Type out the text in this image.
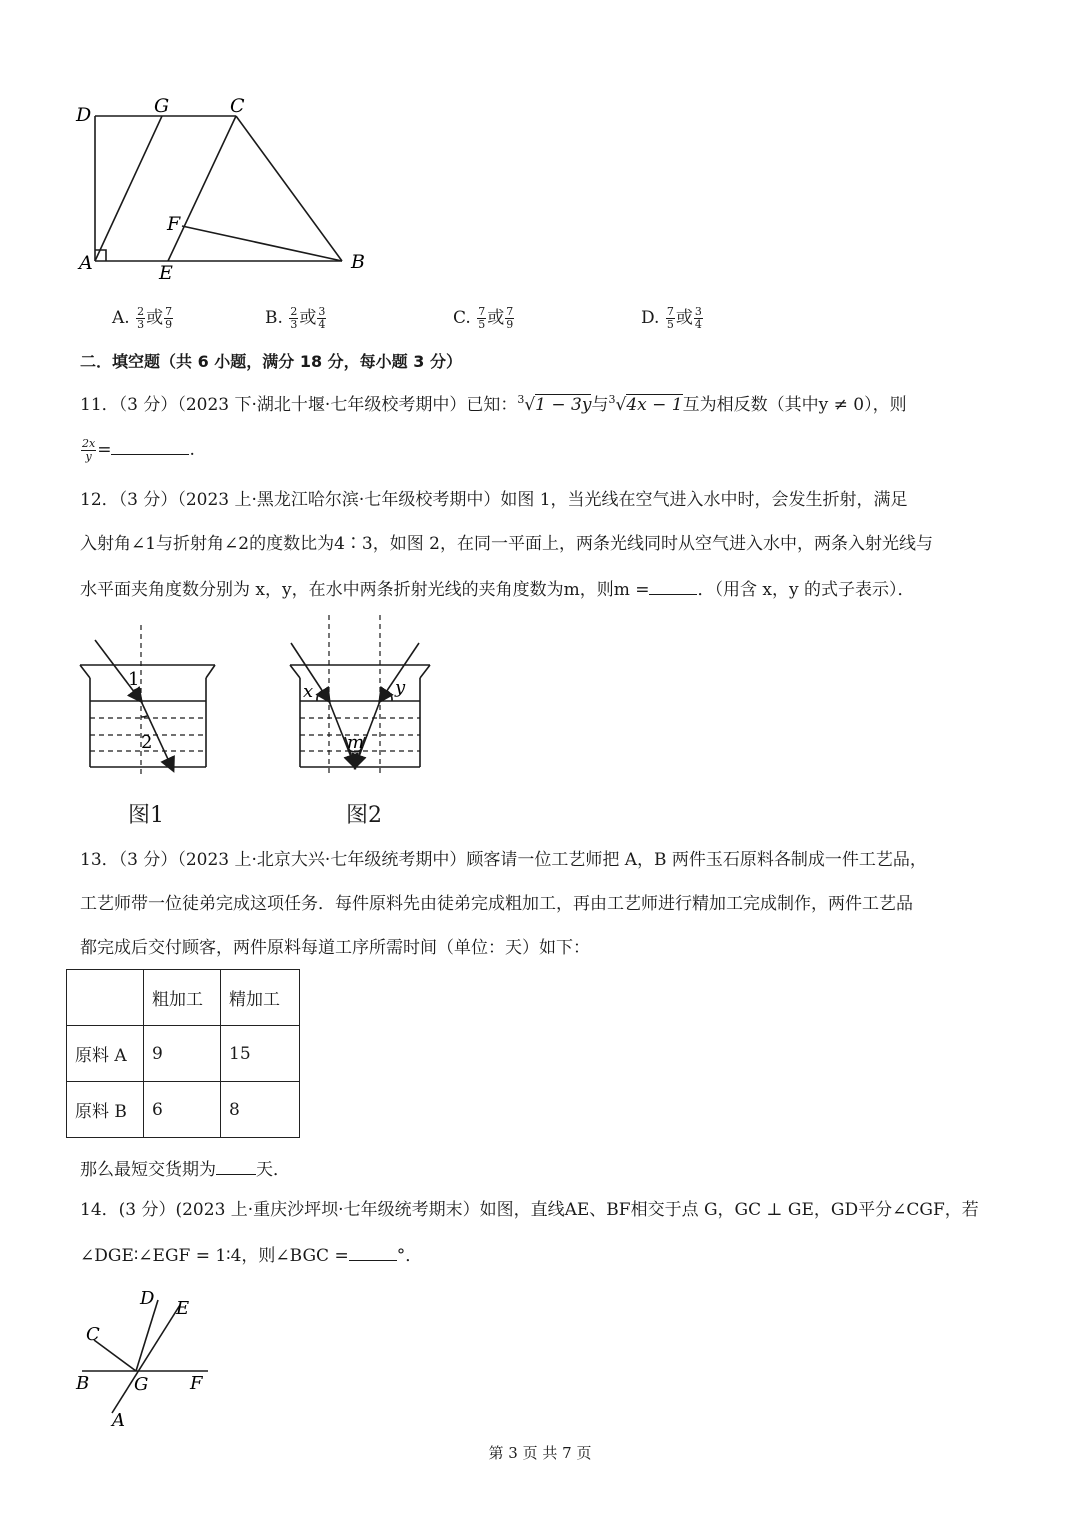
D	G	C
F
A	E	B
A. $\frac{2}{3}$ 或 $\frac{7}{9}$	B. $\frac{2}{3}$ 或 $\frac{3}{4}$	C. $\frac{7}{5}$ 或 $\frac{7}{9}$	D. $\frac{7}{5}$ 或 $\frac{3}{4}$
二．填空题（共 6 小题，满分 18 分，每小题 3 分）
11．（3 分）（2023 下·湖北十堰·七年级校考期中）已知：$^3$√1 − 3y与$^3$√4x − 1互为相反数（其中y ≠ 0），则
$\frac{2x}{y}$ =	.
12．（3 分）（2023 上·黑龙江哈尔滨·七年级校考期中）如图 1，当光线在空气进入水中时，会发生折射，满足
入射角∠1与折射角∠2的度数比为4∶3，如图 2，在同一平面上，两条光线同时从空气进入水中，两条入射光线与
水平面夹角度数分别为 x，y，在水中两条折射光线的夹角度数为m，则m =	．（用含 x，y 的式子表示）．
1
2
图1
x	y
m
图2
13．（3 分）（2023 上·北京大兴·七年级统考期中）顾客请一位工艺师把 A，B 两件玉石原料各制成一件工艺品，
工艺师带一位徒弟完成这项任务．每件原料先由徒弟完成粗加工，再由工艺师进行精加工完成制作，两件工艺品
都完成后交付顾客，两件原料每道工序所需时间（单位：天）如下：
	粗加工	精加工
原料 A	9	15
原料 B	6	8
那么最短交货期为 天．
14．(3 分）(2023 上·重庆沙坪坝·七年级统考期末）如图，直线AE、BF相交于点 G，GC ⊥ GE，GD平分∠CGF，若
∠DGE∶∠EGF = 1∶4，则∠BGC =	°．
D E
C
B G F
A
第 3 页 共 7 页
